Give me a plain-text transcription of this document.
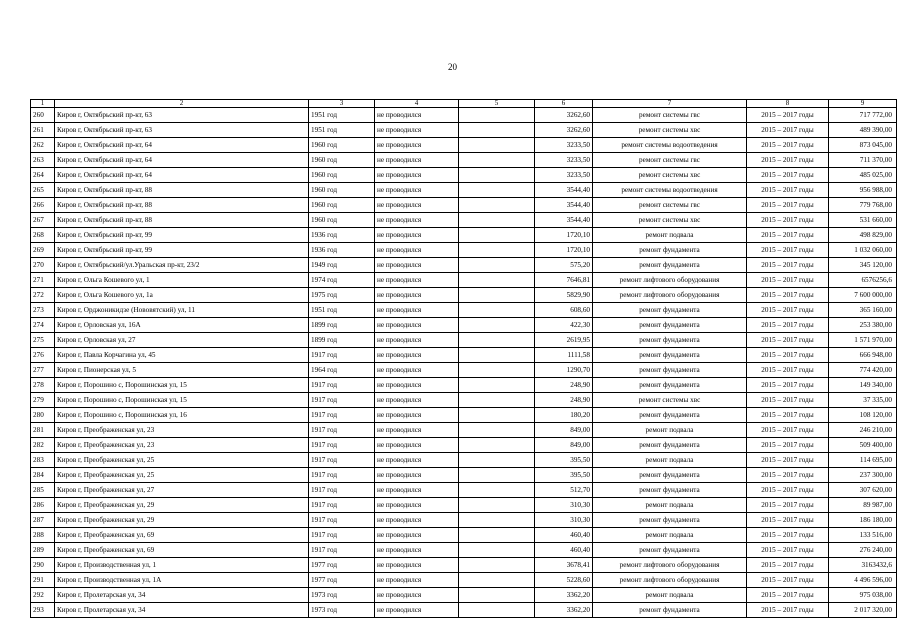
20
1	2	3	4	5	6	7	8	9
260	Киров г, Октябрьский пр-кт, 63	1951 год	не проводился		3262,60	ремонт системы гвс	2015 – 2017 годы	717 772,00
261	Киров г, Октябрьский пр-кт, 63	1951 год	не проводился		3262,60	ремонт системы хвс	2015 – 2017 годы	489 390,00
262	Киров г, Октябрьский пр-кт, 64	1960 год	не проводился		3233,50	ремонт системы водоотведения	2015 – 2017 годы	873 045,00
263	Киров г, Октябрьский пр-кт, 64	1960 год	не проводился		3233,50	ремонт системы гвс	2015 – 2017 годы	711 370,00
264	Киров г, Октябрьский пр-кт, 64	1960 год	не проводился		3233,50	ремонт системы хвс	2015 – 2017 годы	485 025,00
265	Киров г, Октябрьский пр-кт, 88	1960 год	не проводился		3544,40	ремонт системы водоотведения	2015 – 2017 годы	956 988,00
266	Киров г, Октябрьский пр-кт, 88	1960 год	не проводился		3544,40	ремонт системы гвс	2015 – 2017 годы	779 768,00
267	Киров г, Октябрьский пр-кт, 88	1960 год	не проводился		3544,40	ремонт системы хвс	2015 – 2017 годы	531 660,00
268	Киров г, Октябрьский пр-кт, 99	1936 год	не проводился		1720,10	ремонт подвала	2015 – 2017 годы	498 829,00
269	Киров г, Октябрьский пр-кт, 99	1936 год	не проводился		1720,10	ремонт фундамента	2015 – 2017 годы	1 032 060,00
270	Киров г, Октябрьский/ул.Уральская пр-кт, 23/2	1949 год	не проводился		575,20	ремонт фундамента	2015 – 2017 годы	345 120,00
271	Киров г, Ольга Кошевого ул, 1	1974 год	не проводился		7646,81	ремонт лифтового оборудования	2015 – 2017 годы	6576256,6
272	Киров г, Ольга Кошевого ул, 1а	1975 год	не проводился		5829,90	ремонт лифтового оборудования	2015 – 2017 годы	7 600 000,00
273	Киров г, Орджоникидзе (Нововятский) ул, 11	1951 год	не проводился		608,60	ремонт фундамента	2015 – 2017 годы	365 160,00
274	Киров г, Орловская ул, 16А	1899 год	не проводился		422,30	ремонт фундамента	2015 – 2017 годы	253 380,00
275	Киров г, Орловская ул, 27	1899 год	не проводился		2619,95	ремонт фундамента	2015 – 2017 годы	1 571 970,00
276	Киров г, Павла Корчагина ул, 45	1917 год	не проводился		1111,58	ремонт фундамента	2015 – 2017 годы	666 948,00
277	Киров г, Пионерская ул, 5	1964 год	не проводился		1290,70	ремонт фундамента	2015 – 2017 годы	774 420,00
278	Киров г, Порошино с, Порошинская ул, 15	1917 год	не проводился		248,90	ремонт фундамента	2015 – 2017 годы	149 340,00
279	Киров г, Порошино с, Порошинская ул, 15	1917 год	не проводился		248,90	ремонт системы хвс	2015 – 2017 годы	37 335,00
280	Киров г, Порошино с, Порошинская ул, 16	1917 год	не проводился		180,20	ремонт фундамента	2015 – 2017 годы	108 120,00
281	Киров г, Преображенская ул, 23	1917 год	не проводился		849,00	ремонт подвала	2015 – 2017 годы	246 210,00
282	Киров г, Преображенская ул, 23	1917 год	не проводился		849,00	ремонт фундамента	2015 – 2017 годы	509 400,00
283	Киров г, Преображенская ул, 25	1917 год	не проводился		395,50	ремонт подвала	2015 – 2017 годы	114 695,00
284	Киров г, Преображенская ул, 25	1917 год	не проводился		395,50	ремонт фундамента	2015 – 2017 годы	237 300,00
285	Киров г, Преображенская ул, 27	1917 год	не проводился		512,70	ремонт фундамента	2015 – 2017 годы	307 620,00
286	Киров г, Преображенская ул, 29	1917 год	не проводился		310,30	ремонт подвала	2015 – 2017 годы	89 987,00
287	Киров г, Преображенская ул, 29	1917 год	не проводился		310,30	ремонт фундамента	2015 – 2017 годы	186 180,00
288	Киров г, Преображенская ул, 69	1917 год	не проводился		460,40	ремонт подвала	2015 – 2017 годы	133 516,00
289	Киров г, Преображенская ул, 69	1917 год	не проводился		460,40	ремонт фундамента	2015 – 2017 годы	276 240,00
290	Киров г, Производственная ул, 1	1977 год	не проводился		3678,41	ремонт лифтового оборудования	2015 – 2017 годы	3163432,6
291	Киров г, Производственная ул, 1А	1977 год	не проводился		5228,60	ремонт лифтового оборудования	2015 – 2017 годы	4 496 596,00
292	Киров г, Пролетарская ул, 34	1973 год	не проводился		3362,20	ремонт подвала	2015 – 2017 годы	975 038,00
293	Киров г, Пролетарская ул, 34	1973 год	не проводился		3362,20	ремонт фундамента	2015 – 2017 годы	2 017 320,00
